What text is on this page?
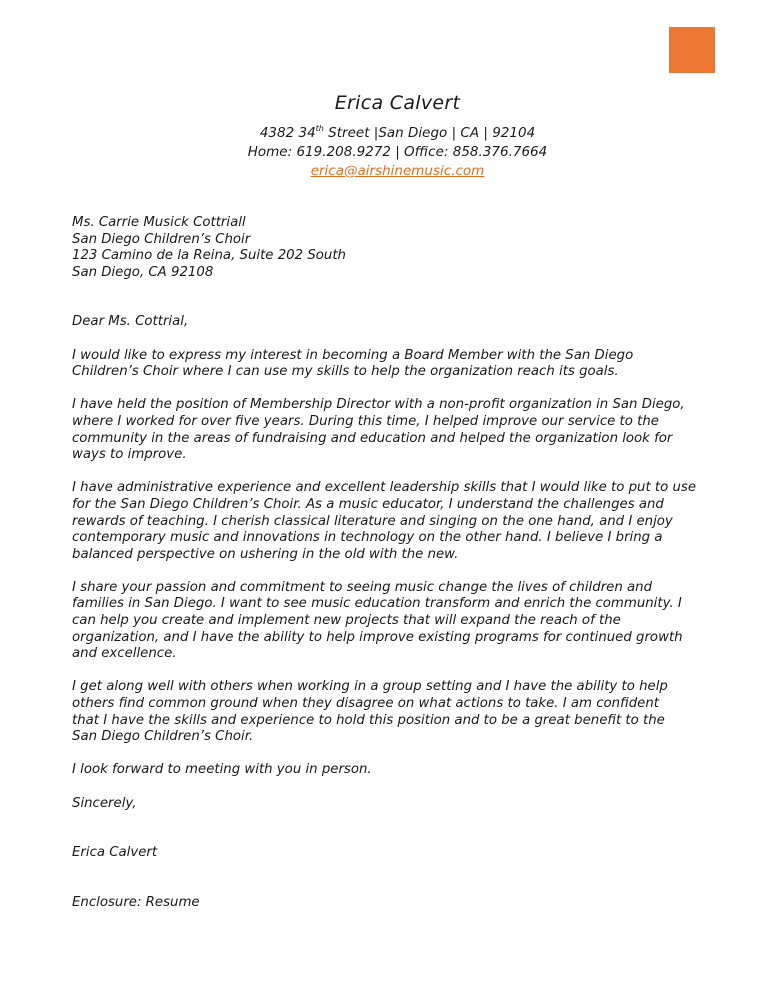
Erica Calvert
4382 34th Street |San Diego | CA | 92104
Home: 619.208.9272 | Office: 858.376.7664
erica@airshinemusic.com
Ms. Carrie Musick Cottriall
San Diego Children’s Choir
123 Camino de la Reina, Suite 202 South
San Diego, CA 92108
Dear Ms. Cottrial,
I would like to express my interest in becoming a Board Member with the San Diego
Children’s Choir where I can use my skills to help the organization reach its goals.
I have held the position of Membership Director with a non-profit organization in San Diego,
where I worked for over five years. During this time, I helped improve our service to the
community in the areas of fundraising and education and helped the organization look for
ways to improve.
I have administrative experience and excellent leadership skills that I would like to put to use
for the San Diego Children’s Choir. As a music educator, I understand the challenges and
rewards of teaching. I cherish classical literature and singing on the one hand, and I enjoy
contemporary music and innovations in technology on the other hand. I believe I bring a
balanced perspective on ushering in the old with the new.
I share your passion and commitment to seeing music change the lives of children and
families in San Diego. I want to see music education transform and enrich the community. I
can help you create and implement new projects that will expand the reach of the
organization, and I have the ability to help improve existing programs for continued growth
and excellence.
I get along well with others when working in a group setting and I have the ability to help
others find common ground when they disagree on what actions to take. I am confident
that I have the skills and experience to hold this position and to be a great benefit to the
San Diego Children’s Choir.
I look forward to meeting with you in person.
Sincerely,
Erica Calvert
Enclosure: Resume
